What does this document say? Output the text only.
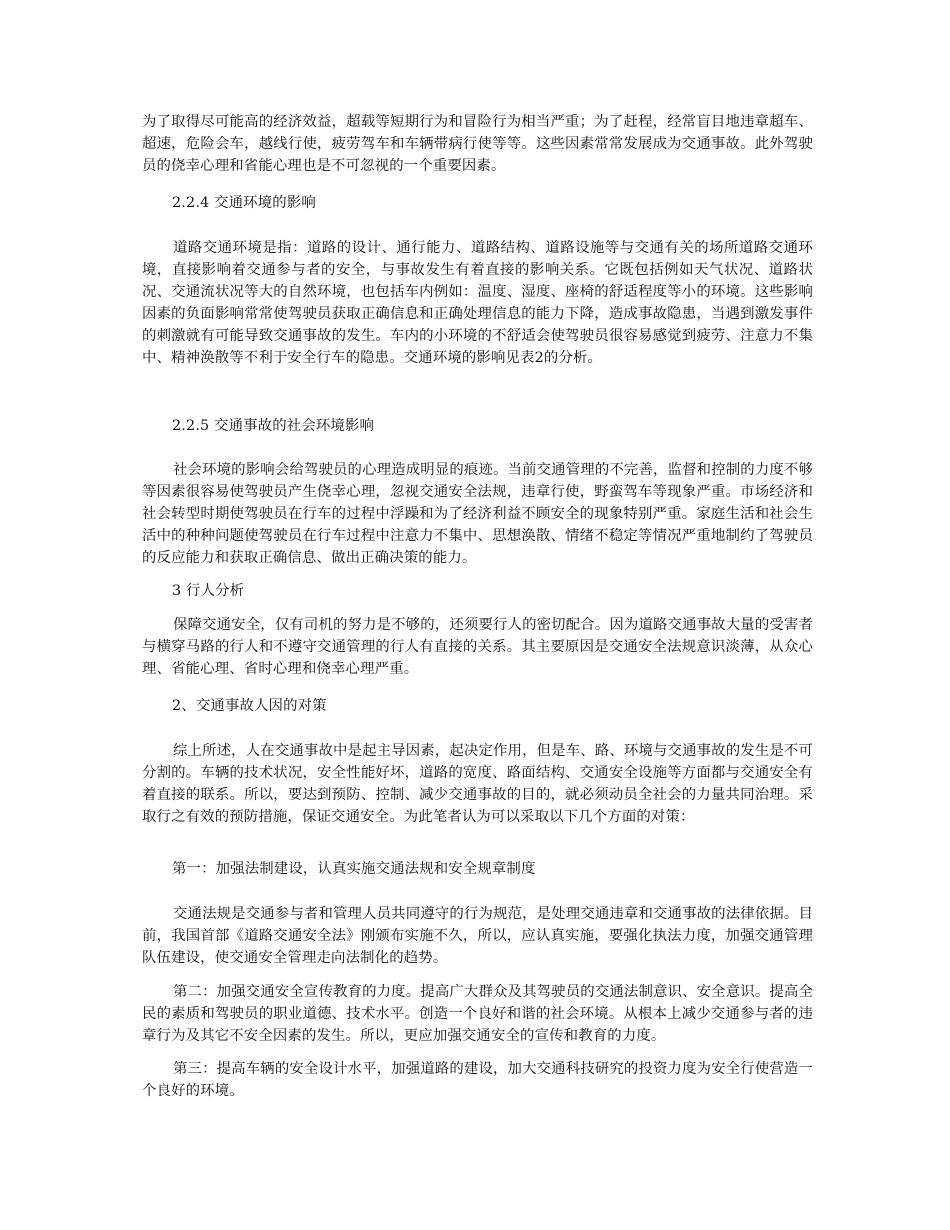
为了取得尽可能高的经济效益，超载等短期行为和冒险行为相当严重；为了赶程，经常盲目地违章超车、超速，危险会车，越线行使，疲劳驾车和车辆带病行使等等。这些因素常常发展成为交通事故。此外驾驶员的侥幸心理和省能心理也是不可忽视的一个重要因素。

2.2.4 交通环境的影响

道路交通环境是指：道路的设计、通行能力、道路结构、道路设施等与交通有关的场所道路交通环境，直接影响着交通参与者的安全，与事故发生有着直接的影响关系。它既包括例如天气状况、道路状况、交通流状况等大的自然环境，也包括车内例如：温度、湿度、座椅的舒适程度等小的环境。这些影响因素的负面影响常常使驾驶员获取正确信息和正确处理信息的能力下降，造成事故隐患，当遇到激发事件的刺激就有可能导致交通事故的发生。车内的小环境的不舒适会使驾驶员很容易感觉到疲劳、注意力不集中、精神涣散等不利于安全行车的隐患。交通环境的影响见表2的分析。

2.2.5 交通事故的社会环境影响

社会环境的影响会给驾驶员的心理造成明显的痕迹。当前交通管理的不完善，监督和控制的力度不够等因素很容易使驾驶员产生侥幸心理，忽视交通安全法规，违章行使，野蛮驾车等现象严重。市场经济和社会转型时期使驾驶员在行车的过程中浮躁和为了经济利益不顾安全的现象特别严重。家庭生活和社会生活中的种种问题使驾驶员在行车过程中注意力不集中、思想涣散、情绪不稳定等情况严重地制约了驾驶员的反应能力和获取正确信息、做出正确决策的能力。

3 行人分析

保障交通安全，仅有司机的努力是不够的，还须要行人的密切配合。因为道路交通事故大量的受害者与横穿马路的行人和不遵守交通管理的行人有直接的关系。其主要原因是交通安全法规意识淡薄，从众心理、省能心理、省时心理和侥幸心理严重。

2、交通事故人因的对策

综上所述，人在交通事故中是起主导因素，起决定作用，但是车、路、环境与交通事故的发生是不可分割的。车辆的技术状况，安全性能好坏，道路的宽度、路面结构、交通安全设施等方面都与交通安全有着直接的联系。所以，要达到预防、控制、减少交通事故的目的，就必须动员全社会的力量共同治理。采取行之有效的预防措施，保证交通安全。为此笔者认为可以采取以下几个方面的对策：

第一：加强法制建设，认真实施交通法规和安全规章制度

交通法规是交通参与者和管理人员共同遵守的行为规范，是处理交通违章和交通事故的法律依据。目前，我国首部《道路交通安全法》刚颁布实施不久，所以，应认真实施，要强化执法力度，加强交通管理队伍建设，使交通安全管理走向法制化的趋势。

第二：加强交通安全宣传教育的力度。提高广大群众及其驾驶员的交通法制意识、安全意识。提高全民的素质和驾驶员的职业道德、技术水平。创造一个良好和谐的社会环境。从根本上减少交通参与者的违章行为及其它不安全因素的发生。所以，更应加强交通安全的宣传和教育的力度。

第三：提高车辆的安全设计水平，加强道路的建设，加大交通科技研究的投资力度为安全行使营造一个良好的环境。
